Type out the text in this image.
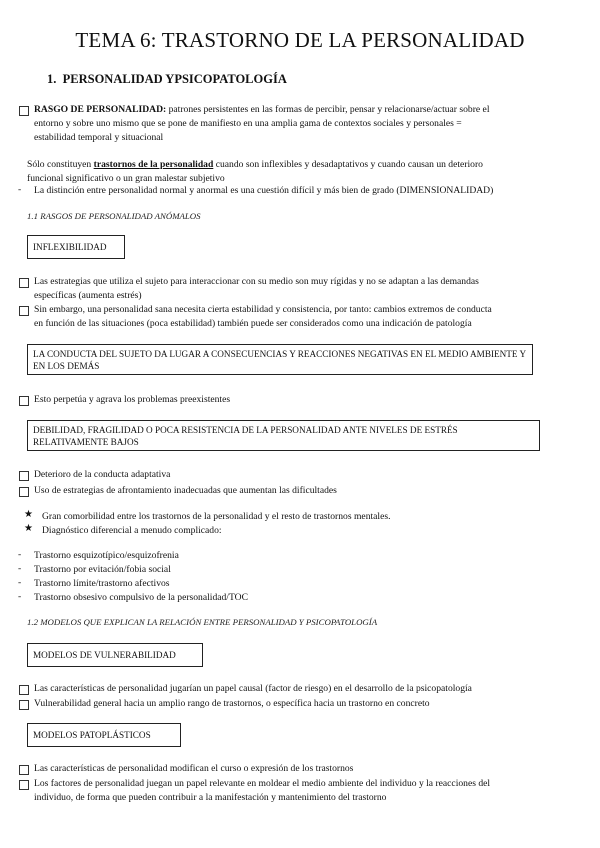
TEMA 6: TRASTORNO DE LA PERSONALIDAD
1. PERSONALIDAD YPSICOPATOLOGÍA
RASGO DE PERSONALIDAD: patrones persistentes en las formas de percibir, pensar y relacionarse/actuar sobre el
entorno y sobre uno mismo que se pone de manifiesto en una amplia gama de contextos sociales y personales =
estabilidad temporal y situacional
Sólo constituyen trastornos de la personalidad cuando son inflexibles y desadaptativos y cuando causan un deterioro
funcional significativo o un gran malestar subjetivo
- La distinción entre personalidad normal y anormal es una cuestión difícil y más bien de grado (DIMENSIONALIDAD)
1.1 RASGOS DE PERSONALIDAD ANÓMALOS
INFLEXIBILIDAD
Las estrategias que utiliza el sujeto para interaccionar con su medio son muy rígidas y no se adaptan a las demandas
específicas (aumenta estrés)
Sin embargo, una personalidad sana necesita cierta estabilidad y consistencia, por tanto: cambios extremos de conducta
en función de las situaciones (poca estabilidad) también puede ser considerados como una indicación de patología
LA CONDUCTA DEL SUJETO DA LUGAR A CONSECUENCIAS Y REACCIONES NEGATIVAS EN EL MEDIO AMBIENTE Y EN LOS DEMÁS
Esto perpetúa y agrava los problemas preexistentes
DEBILIDAD, FRAGILIDAD O POCA RESISTENCIA DE LA PERSONALIDAD ANTE NIVELES DE ESTRÉS RELATIVAMENTE BAJOS
Deterioro de la conducta adaptativa
Uso de estrategias de afrontamiento inadecuadas que aumentan las dificultades
★ Gran comorbilidad entre los trastornos de la personalidad y el resto de trastornos mentales.
★ Diagnóstico diferencial a menudo complicado:
- Trastorno esquizotípico/esquizofrenia
- Trastorno por evitación/fobia social
- Trastorno límite/trastorno afectivos
- Trastorno obsesivo compulsivo de la personalidad/TOC
1.2 MODELOS QUE EXPLICAN LA RELACIÓN ENTRE PERSONALIDAD Y PSICOPATOLOGÍA
MODELOS DE VULNERABILIDAD
Las características de personalidad jugarían un papel causal (factor de riesgo) en el desarrollo de la psicopatología
Vulnerabilidad general hacia un amplio rango de trastornos, o específica hacia un trastorno en concreto
MODELOS PATOPLÁSTICOS
Las características de personalidad modifican el curso o expresión de los trastornos
Los factores de personalidad juegan un papel relevante en moldear el medio ambiente del individuo y la reacciones del
individuo, de forma que pueden contribuir a la manifestación y mantenimiento del trastorno
